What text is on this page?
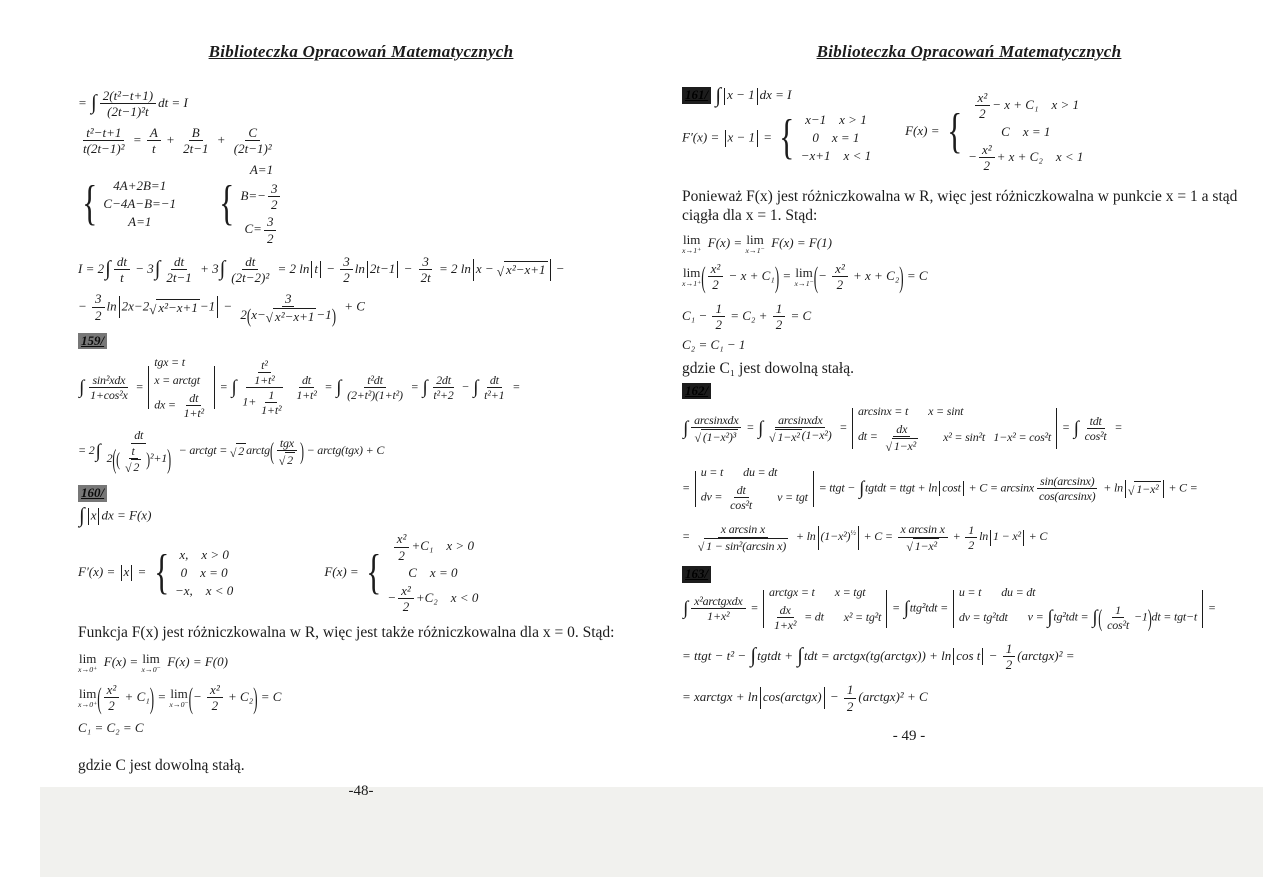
Biblioteczka Opracowań Matematycznych
= ∫ $\frac{\text{2(t²−t+1)}}{\text{(2t−1)²t}}$ dt = I
$\frac{\text{t²−t+1}}{\text{t(2t−1)²}} = \frac{A}{t} + \frac{B}{2t-1} + \frac{C}{\text{(2t−1)²}}$
{ 4A+2B=1
C−4A−B=−1
A=1 {
A=1
$B=- \frac{3}{2}$
$C= \frac{3}{2}$
$I = 2\int \frac{dt}{t} - 3\int \frac{dt}{2t-1} + 3\int \frac{dt}{\text{(2t−2)²}} = 2$ $\ln t - \frac{3}{2}$ $\ln 2t-1 - \frac{3}{2t} = 2$ ln x − √ x²−x+1 −
− $\frac{3}{2}$ ln 2x−2 √ $x^2-x+1 -1 - \frac{3}{\text{2(x− √ x²−x+1 −1)}} + C$
159/
∫ $\frac{\text{sin²xdx}}{\text{1+cos²x}}$ =
tgx = t
x = arctgt
dx = $\frac{dt}{\text{1+t²}}$
= ∫ $\frac{\frac{\text{t²}}{\text{1+t²}}}{1+ \frac{1}{\text{1+t²}}} \frac{dt}{\text{1+t²}}$ = ∫ $\frac{\text{t²dt}}{\text{(2+t²)(1+t²)}}$ = ∫ $\frac{2dt}{\text{t²+2}}$ − ∫ $\frac{dt}{\text{t²+1}}$ =
= $2\int \frac{dt}{2(( \frac{t}{√ 2} )^2+1)}$ − arctgt = √ 2 arctg( $\frac{\text{tgx}}{√ 2}$ ) − arctg(tgx) + C
160/
∫ x dx = F(x)
F′(x) = x = { x,    x > 0
0    x = 0
−x,    x < 0
F(x) = { $\frac{\text{x²}}{2} +C_1$    x > 0
C    x = 0
− $\frac{\text{x²}}{2} +C_2$    x < 0
Funkcja F(x) jest różniczkowalna w R, więc jest także różniczkowalna dla x = 0. Stąd:
lim
x→0⁺
F(x) = lim
x→0⁻
F(x) = F(0)
lim
x→0⁺ ( $\frac{\text{x²}}{2} + C_1) = \lim$
x→0⁻ (− $\frac{\text{x²}}{2} + C_2) = C$
C₁ = C₂ = C
gdzie C jest dowolną stałą.
-48-
Biblioteczka Opracowań Matematycznych
161/ ∫ x − 1 dx = I
F′(x) = x − 1 = { x−1    x > 1
0    x = 1
−x+1    x < 1
F(x) = { $\frac{\text{x²}}{2} - x + C_1$    x > 1
C    x = 1
− $\frac{\text{x²}}{2} + x + C_2$    x < 1
Ponieważ F(x) jest różniczkowalna w R, więc jest różniczkowalna w punkcie x = 1 a stąd ciągła dla x = 1. Stąd:
lim
x→1⁺
F(x) = lim
x→1⁻
F(x) = F(1)
lim
x→1⁺ ( $\frac{\text{x²}}{2} - x + C_1) = \lim$
x→1⁻ (− $\frac{\text{x²}}{2} + x + C_2) = C$
$C_1 - \frac{1}{2} = C_2 + \frac{1}{2} = C$
C₂ = C₁ − 1
gdzie C₁ jest dowolną stałą.
162/
∫ $\frac{\text{arcsinxdx}}{\text{√ (1−x²)³}}$ = ∫ $\frac{\text{arcsinxdx}}{\text{√ 1−x² (1−x²)}}$ =
arcsinx = t x = sint
dt = $\frac{dx}{\text{√ 1−x²}} x^2 = \sin^2t$   1−x² = cos²t
= ∫ $\frac{\text{tdt}}{\text{cos²t}}$ =
=
u = t du = dt
dv = $\frac{dt}{\text{cos²t}}$ v = tgt
= ttgt − ∫tgtdt = ttgt + ln cost + C = arcsinx $\frac{\sin(\arcsin x)}{\cos(\arcsin x)} + \ln$ √ 1−x² + C =
= $\frac{\text{x arcsin x}}{\text{√ 1 − sin²(arcsin x)}} + \ln (1-x^2)^{\frac{1}{2}} + C = \frac{\text{x arcsin x}}{\text{√ 1−x²}} + \frac{1}{2}$ ln 1 − x² + C
163/
∫ $\frac{\text{x²arctgxdx}}{\text{1+x²}}$ =
arctgx = t x = tgt
$\frac{dx}{\text{1+x²}}$ = dt x² = tg²t
= ∫ttg²tdt =
u = t du = dt
dv = tg²tdt v = ∫tg²tdt = ∫( $\frac{1}{\text{cos²t}} -1)dt = tgt-t$
=
= ttgt − t² − ∫tgtdt + ∫tdt = arctgx(tg(arctgx)) + $\ln \cos t - \frac{1}{2}$ (arctgx)² =
= xarctgx + ln cos(arctgx) − $\frac{1}{2}$ (arctgx)² + C
- 49 -
